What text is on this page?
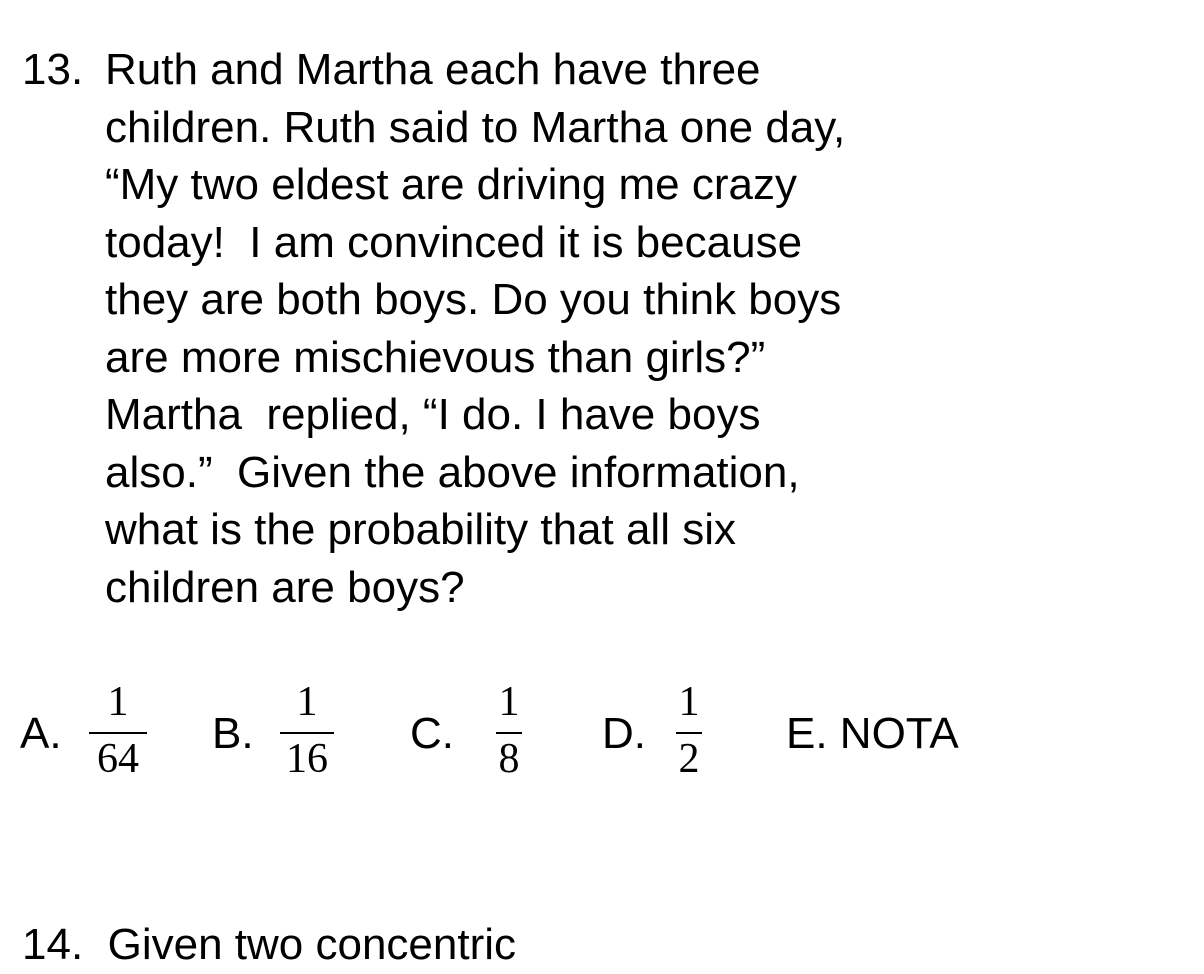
13. Ruth and Martha each have three
children. Ruth said to Martha one day,
“My two eldest are driving me crazy
today!  I am convinced it is because
they are both boys. Do you think boys
are more mischievous than girls?”
Martha  replied, “I do. I have boys
also.”  Given the above information,
what is the probability that all six
children are boys?
A.
1
64
B.
1
16
C.
1
8
D.
1
2
E. NOTA
14.  Given two concentric
